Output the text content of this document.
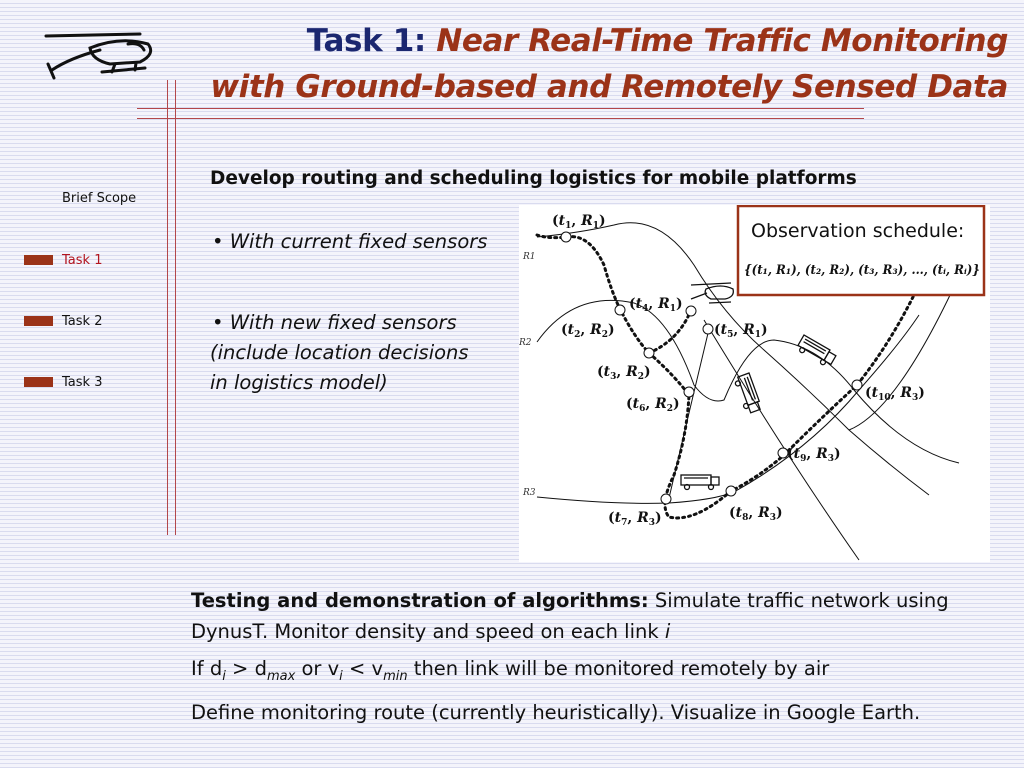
Task 1: Near Real-Time Traffic Monitoring
with Ground-based and Remotely Sensed Data
Brief Scope
Task 1
Task 2
Task 3
Develop routing and scheduling logistics for mobile platforms
• With current fixed sensors
• With new fixed sensors
(include location decisions
in logistics model)
R1
R2
R3
($t_1$, $R_1$)
($t_2$, $R_2$)
($t_3$, $R_2$)
($t_4$, $R_1$)
($t_5$, $R_1$)
($t_6$, $R_2$)
($t_7$, $R_3$)	($t_8$, $R_3$)
($t_9$, $R_3$)
($t_{10}$, $R_3$)
Observation schedule:
{(t₁, R₁), (t₂, R₂), (t₃, R₃), ..., (tᵢ, Rᵢ)}
Testing and demonstration of algorithms: Simulate traffic network using
DynusT. Monitor density and speed on each link i
If $d_i > d_{max}$ or $v_i < v_{min}$ then link will be monitored remotely by air
Define monitoring route (currently heuristically). Visualize in Google Earth.
